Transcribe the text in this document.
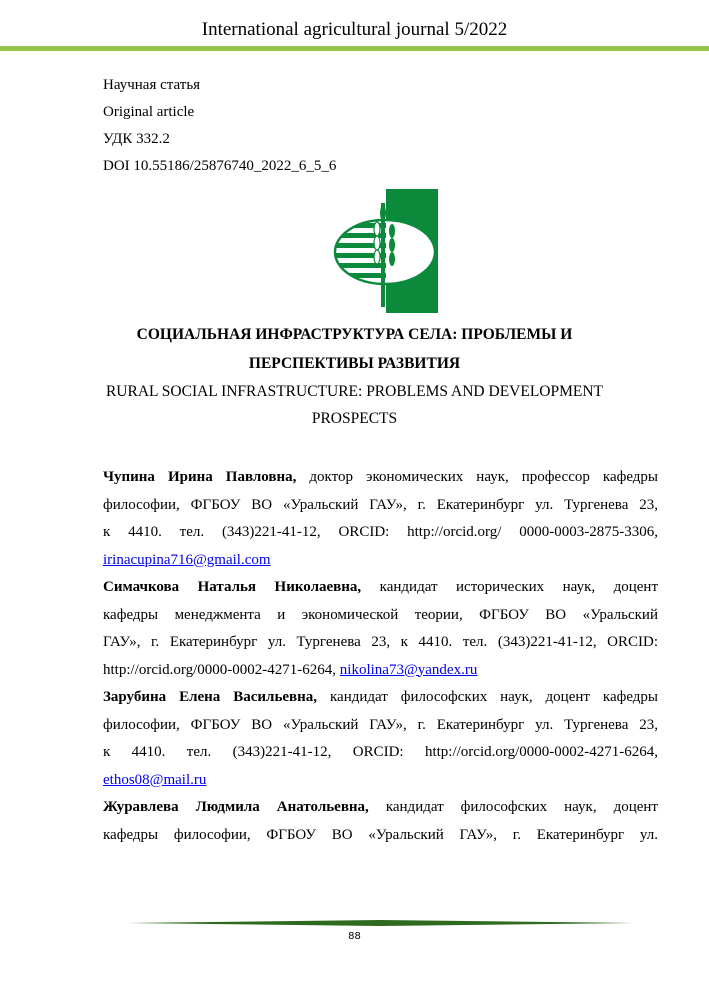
International agricultural journal 5/2022
Научная статья
Original article
УДК 332.2
DOI 10.55186/25876740_2022_6_5_6
СОЦИАЛЬНАЯ ИНФРАСТРУКТУРА СЕЛА: ПРОБЛЕМЫ И
ПЕРСПЕКТИВЫ РАЗВИТИЯ
RURAL SOCIAL INFRASTRUCTURE: PROBLEMS AND DEVELOPMENT
PROSPECTS

Чупина Ирина Павловна, доктор экономических наук, профессор кафедры

философии, ФГБОУ ВО «Уральский ГАУ», г. Екатеринбург ул. Тургенева 23,

к 4410. тел. (343)221-41-12, ORCID: http://orcid.org/ 0000-0003-2875-3306,

irinacupina716@gmail.com

Симачкова Наталья Николаевна, кандидат исторических наук, доцент

кафедры менеджмента и экономической теории, ФГБОУ ВО «Уральский

ГАУ», г. Екатеринбург ул. Тургенева 23, к 4410. тел. (343)221-41-12, ORCID:

http://orcid.org/0000-0002-4271-6264, nikolina73@yandex.ru

Зарубина Елена Васильевна, кандидат философских наук, доцент кафедры

философии, ФГБОУ ВО «Уральский ГАУ», г. Екатеринбург ул. Тургенева 23,

к 4410. тел. (343)221-41-12, ORCID: http://orcid.org/0000-0002-4271-6264,

ethos08@mail.ru

Журавлева Людмила Анатольевна, кандидат философских наук, доцент

кафедры философии, ФГБОУ ВО «Уральский ГАУ», г. Екатеринбург ул.

88
